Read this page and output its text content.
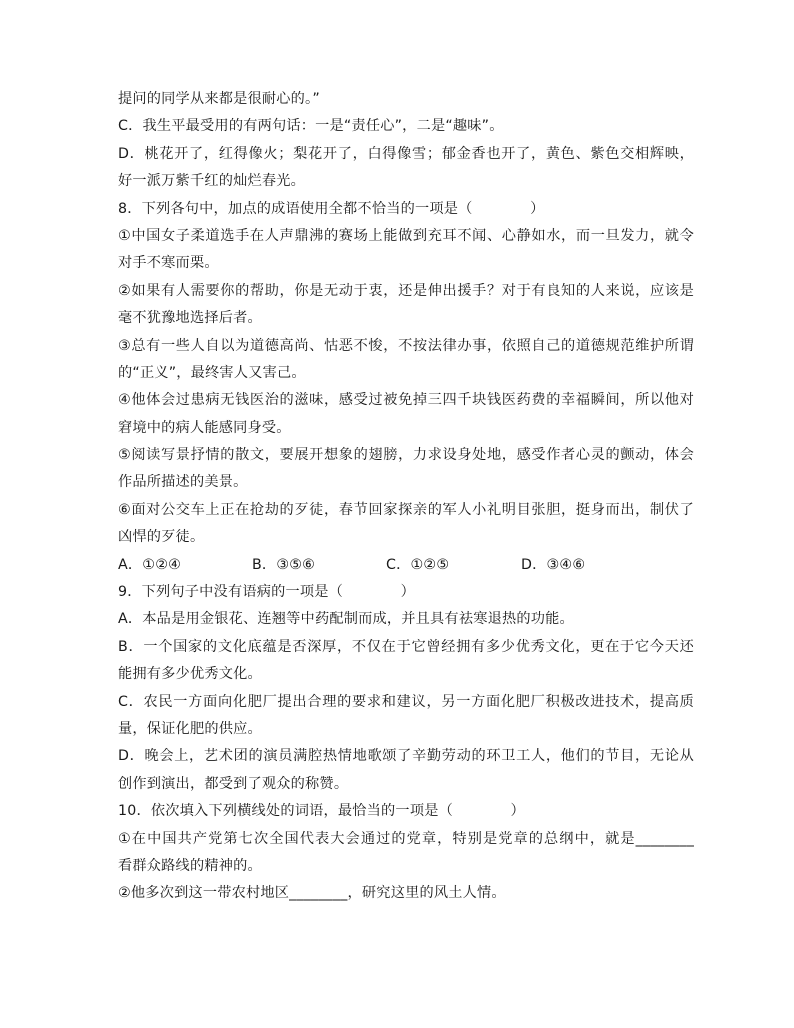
提问的同学从来都是很耐心的。”
C．我生平最受用的有两句话：一是“责任心”，二是“趣味”。
D．桃花开了，红得像火；梨花开了，白得像雪；郁金香也开了，黄色、紫色交相辉映，
好一派万紫千红的灿烂春光。
8．下列各句中，加点的成语使用全都不恰当的一项是（　　　　）
①中国女子柔道选手在人声鼎沸的赛场上能做到充耳不闻、心静如水，而一旦发力，就令
对手不寒而栗。
②如果有人需要你的帮助，你是无动于衷，还是伸出援手？对于有良知的人来说，应该是
毫不犹豫地选择后者。
③总有一些人自以为道德高尚、怙恶不悛，不按法律办事，依照自己的道德规范维护所谓
的“正义”，最终害人又害己。
④他体会过患病无钱医治的滋味，感受过被免掉三四千块钱医药费的幸福瞬间，所以他对
窘境中的病人能感同身受。
⑤阅读写景抒情的散文，要展开想象的翅膀，力求设身处地，感受作者心灵的颤动，体会
作品所描述的美景。
⑥面对公交车上正在抢劫的歹徒，春节回家探亲的军人小礼明目张胆，挺身而出，制伏了
凶悍的歹徒。
A．①②④	B．③⑤⑥	C．①②⑤	D．③④⑥
9．下列句子中没有语病的一项是（　　　　）
A．本品是用金银花、连翘等中药配制而成，并且具有祛寒退热的功能。
B．一个国家的文化底蕴是否深厚，不仅在于它曾经拥有多少优秀文化，更在于它今天还
能拥有多少优秀文化。
C．农民一方面向化肥厂提出合理的要求和建议，另一方面化肥厂积极改进技术，提高质
量，保证化肥的供应。
D．晚会上，艺术团的演员满腔热情地歌颂了辛勤劳动的环卫工人，他们的节目，无论从
创作到演出，都受到了观众的称赞。
10．依次填入下列横线处的词语，最恰当的一项是（　　　　）
①在中国共产党第七次全国代表大会通过的党章，特别是党章的总纲中，就是________
看群众路线的精神的。
②他多次到这一带农村地区________，研究这里的风土人情。
